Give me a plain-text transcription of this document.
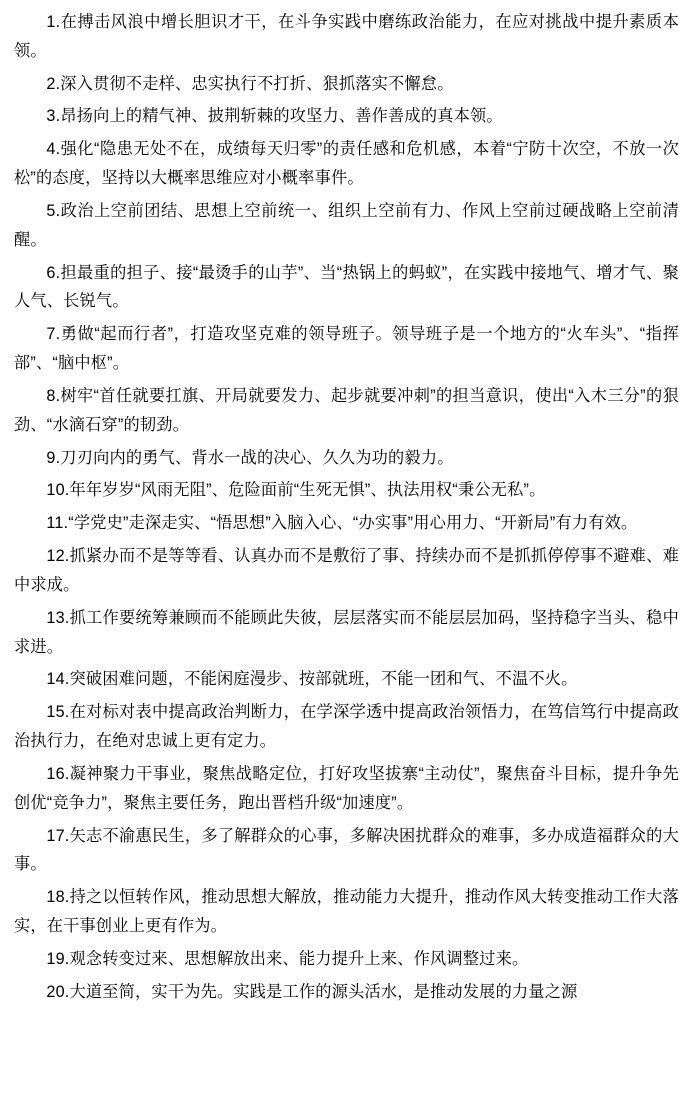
1.在搏击风浪中增长胆识才干，在斗争实践中磨练政治能力，在应对挑战中提升素质本领。

2.深入贯彻不走样、忠实执行不打折、狠抓落实不懈怠。

3.昂扬向上的精气神、披荆斩棘的攻坚力、善作善成的真本领。

4.强化“隐患无处不在，成绩每天归零”的责任感和危机感，本着“宁防十次空，不放一次松”的态度，坚持以大概率思维应对小概率事件。

5.政治上空前团结、思想上空前统一、组织上空前有力、作风上空前过硬战略上空前清醒。

6.担最重的担子、接“最烫手的山芋”、当“热锅上的蚂蚁”，在实践中接地气、增才气、聚人气、长锐气。

7.勇做“起而行者”，打造攻坚克难的领导班子。领导班子是一个地方的“火车头”、“指挥部”、“脑中枢”。

8.树牢“首任就要扛旗、开局就要发力、起步就要冲刺”的担当意识，使出“入木三分”的狠劲、“水滴石穿”的韧劲。

9.刀刃向内的勇气、背水一战的决心、久久为功的毅力。

10.年年岁岁“风雨无阻”、危险面前“生死无惧”、执法用权“秉公无私”。

11.“学党史”走深走实、“悟思想”入脑入心、“办实事”用心用力、“开新局”有力有效。

12.抓紧办而不是等等看、认真办而不是敷衍了事、持续办而不是抓抓停停事不避难、难中求成。

13.抓工作要统筹兼顾而不能顾此失彼，层层落实而不能层层加码，坚持稳字当头、稳中求进。

14.突破困难问题，不能闲庭漫步、按部就班，不能一团和气、不温不火。

15.在对标对表中提高政治判断力，在学深学透中提高政治领悟力，在笃信笃行中提高政治执行力，在绝对忠诚上更有定力。

16.凝神聚力干事业，聚焦战略定位，打好攻坚拔寨“主动仗”，聚焦奋斗目标，提升争先创优“竞争力”，聚焦主要任务，跑出晋档升级“加速度”。

17.矢志不渝惠民生，多了解群众的心事，多解决困扰群众的难事，多办成造福群众的大事。

18.持之以恒转作风，推动思想大解放，推动能力大提升，推动作风大转变推动工作大落实，在干事创业上更有作为。

19.观念转变过来、思想解放出来、能力提升上来、作风调整过来。

20.大道至简，实干为先。实践是工作的源头活水，是推动发展的力量之源
